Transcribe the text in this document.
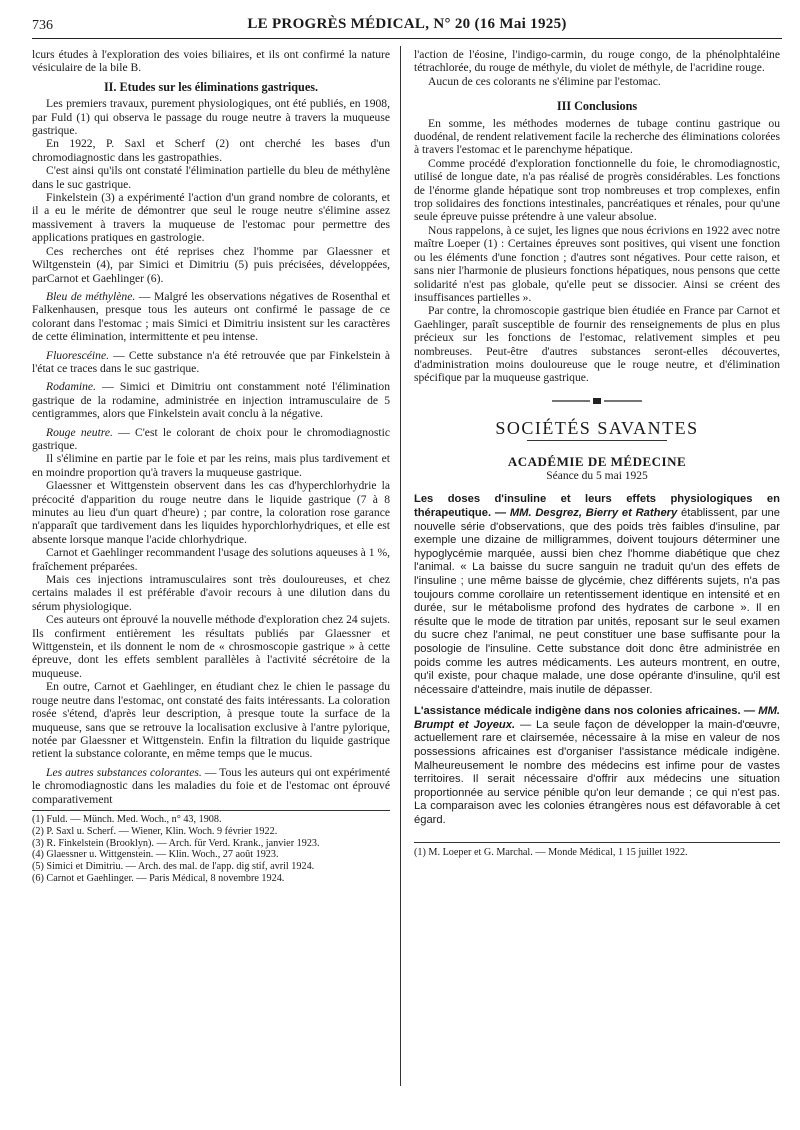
736	LE PROGRÈS MÉDICAL, N° 20 (16 Mai 1925)

lcurs études à l'exploration des voies biliaires, et ils ont confirmé la nature vésiculaire de la bile B.

II. Etudes sur les éliminations gastriques.

Les premiers travaux, purement physiologiques, ont été publiés, en 1908, par Fuld (1) qui observa le passage du rouge neutre à travers la muqueuse gastrique.

En 1922, P. Saxl et Scherf (2) ont cherché les bases d'un chromodiagnostic dans les gastropathies.

C'est ainsi qu'ils ont constaté l'élimination partielle du bleu de méthylène dans le suc gastrique.

Finkelstein (3) a expérimenté l'action d'un grand nombre de colorants, et il a eu le mérite de démontrer que seul le rouge neutre s'élimine assez massivement à travers la muqueuse de l'estomac pour permettre des applications pratiques en gastrologie.

Ces recherches ont été reprises chez l'homme par Glaessner et Wiltgenstein (4), par Simici et Dimitriu (5) puis précisées, développées, parCarnot et Gaehlinger (6).

Bleu de méthylène. — Malgré les observations négatives de Rosenthal et Falkenhausen, presque tous les auteurs ont confirmé le passage de ce colorant dans l'estomac ; mais Simici et Dimitriu insistent sur les caractères de cette élimination, intermittente et peu intense.

Fluorescéine. — Cette substance n'a été retrouvée que par Finkelstein à l'état ce traces dans le suc gastrique.

Rodamine. — Simici et Dimitriu ont constamment noté l'élimination gastrique de la rodamine, administrée en injection intramusculaire de 5 centigrammes, alors que Finkelstein avait conclu à la négative.

Rouge neutre. — C'est le colorant de choix pour le chromodiagnostic gastrique.

Il s'élimine en partie par le foie et par les reins, mais plus tardivement et en moindre proportion qu'à travers la muqueuse gastrique.

Glaessner et Wittgenstein observent dans les cas d'hyperchlorhydrie la précocité d'apparition du rouge neutre dans le liquide gastrique (7 à 8 minutes au lieu d'un quart d'heure) ; par contre, la coloration rose garance n'apparaît que tardivement dans les liquides hyporchlorhydriques, et elle est absente lorsque manque l'acide chlorhydrique.

Carnot et Gaehlinger recommandent l'usage des solutions aqueuses à 1 %, fraîchement préparées.

Mais ces injections intramusculaires sont très douloureuses, et chez certains malades il est préférable d'avoir recours à une dilution dans du sérum physiologique.

Ces auteurs ont éprouvé la nouvelle méthode d'exploration chez 24 sujets. Ils confirment entièrement les résultats publiés par Glaessner et Wittgenstein, et ils donnent le nom de « chrosmoscopie gastrique » à cette épreuve, dont les effets semblent parallèles à l'activité sécrétoire de la muqueuse.

En outre, Carnot et Gaehlinger, en étudiant chez le chien le passage du rouge neutre dans l'estomac, ont constaté des faits intéressants. La coloration rosée s'étend, d'après leur description, à presque toute la surface de la muqueuse, sans que se retrouve la localisation exclusive à l'antre pylorique, notée par Glaessner et Wittgenstein. Enfin la filtration du liquide gastrique retient la substance colorante, en même temps que le mucus.

Les autres substances colorantes. — Tous les auteurs qui ont expérimenté le chromodiagnostic dans les maladies du foie et de l'estomac ont éprouvé comparativement

(1) Fuld. — Münch. Med. Woch., n° 43, 1908.
(2) P. Saxl u. Scherf. — Wiener, Klin. Woch. 9 février 1922.
(3) R. Finkelstein (Brooklyn). — Arch. für Verd. Krank., janvier 1923.
(4) Glaessner u. Wittgenstein. — Klin. Woch., 27 août 1923.
(5) Simici et Dimitriu. — Arch. des mal. de l'app. dig stif, avril 1924.
(6) Carnot et Gaehlinger. — Paris Médical, 8 novembre 1924.

l'action de l'éosine, l'indigo-carmin, du rouge congo, de la phénolphtaléine tétrachlorée, du rouge de méthyle, du violet de méthyle, de l'acridine rouge.

Aucun de ces colorants ne s'élimine par l'estomac.

III Conclusions

En somme, les méthodes modernes de tubage continu gastrique ou duodénal, de rendent relativement facile la recherche des éliminations colorées à travers l'estomac et le parenchyme hépatique.

Comme procédé d'exploration fonctionnelle du foie, le chromodiagnostic, utilisé de longue date, n'a pas réalisé de progrès considérables. Les fonctions de l'énorme glande hépatique sont trop nombreuses et trop complexes, enfin trop solidaires des fonctions intestinales, pancréatiques et rénales, pour qu'une seule épreuve puisse prétendre à une valeur absolue.

Nous rappelons, à ce sujet, les lignes que nous écrivions en 1922 avec notre maître Loeper (1) : Certaines épreuves sont positives, qui visent une fonction ou les éléments d'une fonction ; d'autres sont négatives. Pour cette raison, et sans nier l'harmonie de plusieurs fonctions hépatiques, nous pensons que cette solidarité n'est pas globale, qu'elle peut se dissocier. Ainsi se créent des insuffisances partielles ».

Par contre, la chromoscopie gastrique bien étudiée en France par Carnot et Gaehlinger, paraît susceptible de fournir des renseignements de plus en plus précieux sur les fonctions de l'estomac, relativement simples et peu nombreuses. Peut-être d'autres substances seront-elles découvertes, d'administration moins douloureuse que le rouge neutre, et d'élimination spécifique par la muqueuse gastrique.

SOCIÉTÉS SAVANTES
ACADÉMIE DE MÉDECINE
Séance du 5 mai 1925

Les doses d'insuline et leurs effets physiologiques en thérapeutique. — MM. Desgrez, Bierry et Rathery établissent, par une nouvelle série d'observations, que des poids très faibles d'insuline, par exemple une dizaine de milligrammes, doivent toujours déterminer une hypoglycémie marquée, aussi bien chez l'homme diabétique que chez l'animal. « La baisse du sucre sanguin ne traduit qu'un des effets de l'insuline ; une même baisse de glycémie, chez différents sujets, n'a pas toujours comme corollaire un retentissement identique en intensité et en durée, sur le métabolisme profond des hydrates de carbone ». Il en résulte que le mode de titration par unités, reposant sur le seul examen du sucre chez l'animal, ne peut constituer une base suffisante pour la posologie de l'insuline. Cette substance doit donc être administrée en poids comme les autres médicaments. Les auteurs montrent, en outre, qu'il existe, pour chaque malade, une dose opérante d'insuline, qu'il est nécessaire d'atteindre, mais inutile de dépasser.

L'assistance médicale indigène dans nos colonies africaines. — MM. Brumpt et Joyeux. — La seule façon de développer la main-d'œuvre, actuellement rare et clairsemée, nécessaire à la mise en valeur de nos possessions africaines est d'organiser l'assistance médicale indigène. Malheureusement le nombre des médecins est infime pour de vastes territoires. Il serait nécessaire d'offrir aux médecins une situation proportionnée au service pénible qu'on leur demande ; ce qui n'est pas. La comparaison avec les colonies étrangères nous est défavorable à cet égard.

(1) M. Loeper et G. Marchal. — Monde Médical, 1 15 juillet 1922.
